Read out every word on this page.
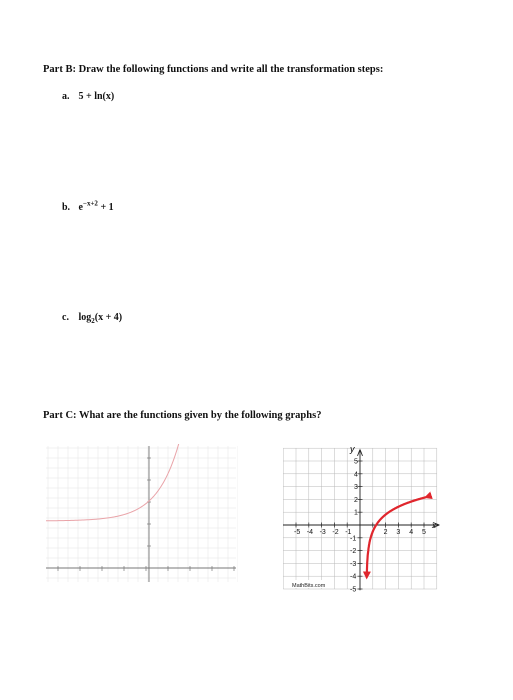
Part B: Draw the following functions and write all the transformation steps:
a. 5 + ln(x)
b. $e^{-x+2} + 1$
c. $\log_2(x + 4)$
Part C: What are the functions given by the following graphs?
-5 -4 -3 -2 -1	2 3 4 5
5
4
3
2
1
-1
-2
-3
-4
-5
x
y
MathBits.com
